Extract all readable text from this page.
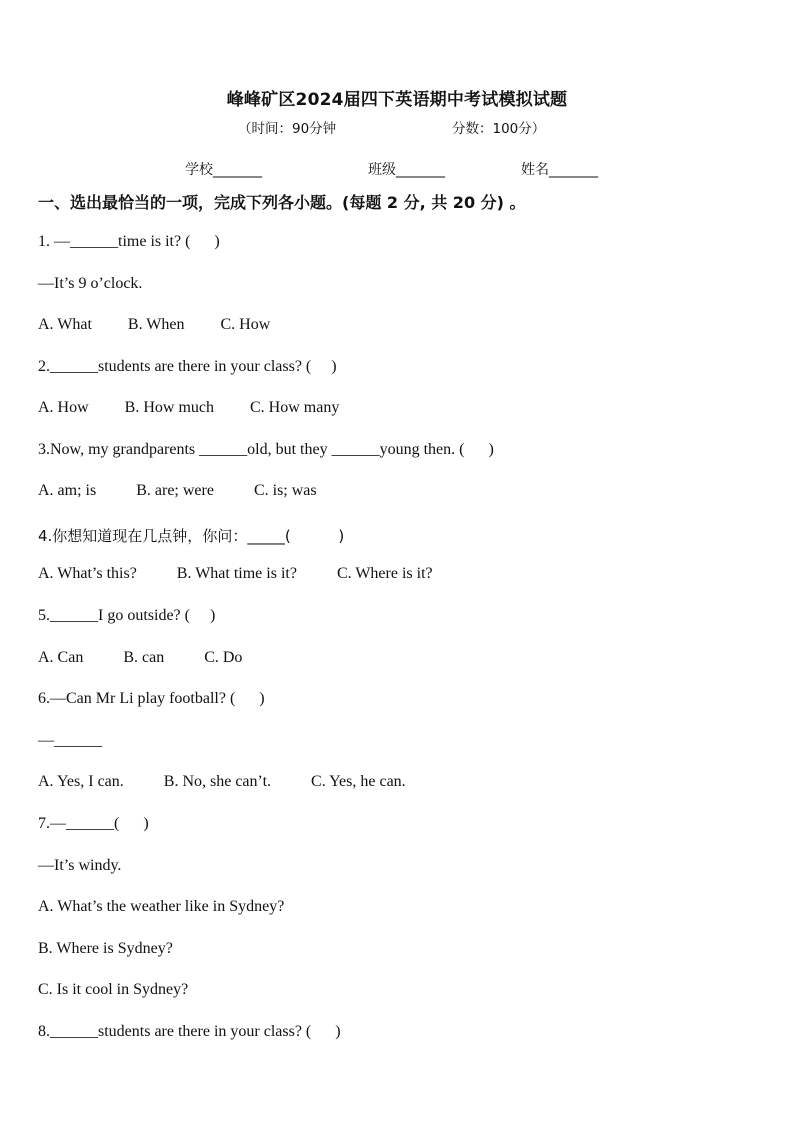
峰峰矿区2024届四下英语期中考试模拟试题
（时间：90分钟	分数：100分）
学校_______	班级_______	姓名_______
一、选出最恰当的一项，完成下列各小题。(每题 2 分, 共 20 分) 。
1. —______time is it? (      )
—It’s 9 o’clock.
A. What         B. When         C. How
2.______students are there in your class? (     )
A. How         B. How much         C. How many
3.Now, my grandparents ______old, but they ______young then. (      )
A. am; is          B. are; were          C. is; was
4.你想知道现在几点钟，你问：_____(          )
A. What’s this?          B. What time is it?          C. Where is it?
5.______I go outside? (     )
A. Can          B. can          C. Do
6.—Can Mr Li play football? (      )
—______
A. Yes, I can.          B. No, she can’t.          C. Yes, he can.
7.—______(      )
—It’s windy.
A. What’s the weather like in Sydney?
B. Where is Sydney?
C. Is it cool in Sydney?
8.______students are there in your class? (      )
